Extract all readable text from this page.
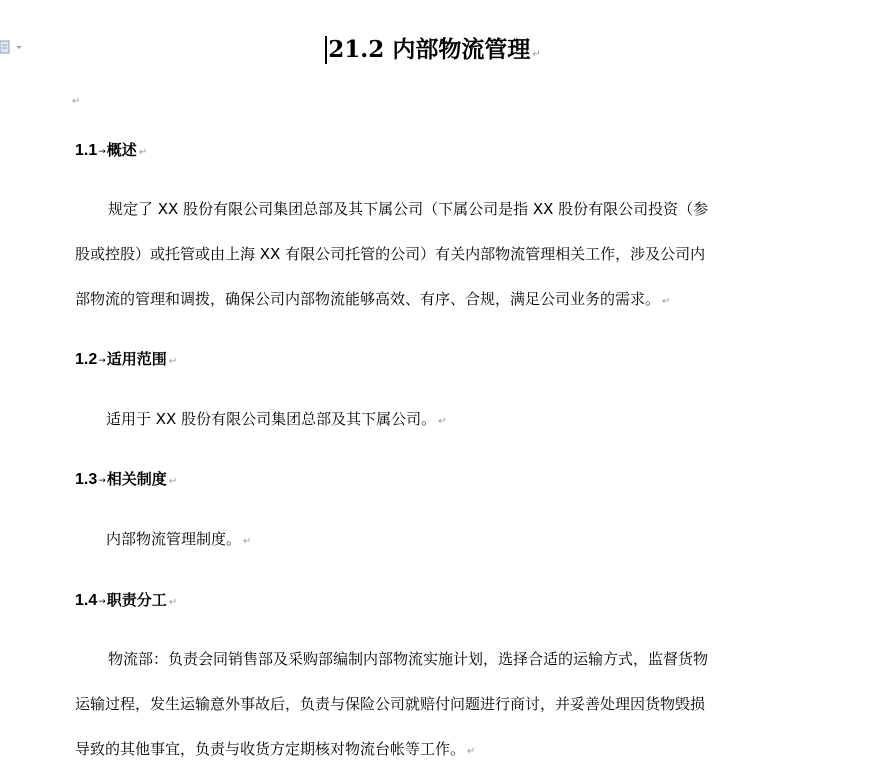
21.2 内部物流管理 ↵
↵
1.1→概述 ↵
规定了 XX 股份有限公司集团总部及其下属公司（下属公司是指 XX 股份有限公司投资（参
股或控股）或托管或由上海 XX 有限公司托管的公司）有关内部物流管理相关工作，涉及公司内
部物流的管理和调拨，确保公司内部物流能够高效、有序、合规，满足公司业务的需求。 ↵
1.2→适用范围 ↵
适用于 XX 股份有限公司集团总部及其下属公司。 ↵
1.3→相关制度 ↵
内部物流管理制度。 ↵
1.4→职责分工 ↵
物流部：负责会同销售部及采购部编制内部物流实施计划，选择合适的运输方式，监督货物
运输过程，发生运输意外事故后，负责与保险公司就赔付问题进行商讨，并妥善处理因货物毁损
导致的其他事宜，负责与收货方定期核对物流台帐等工作。 ↵
